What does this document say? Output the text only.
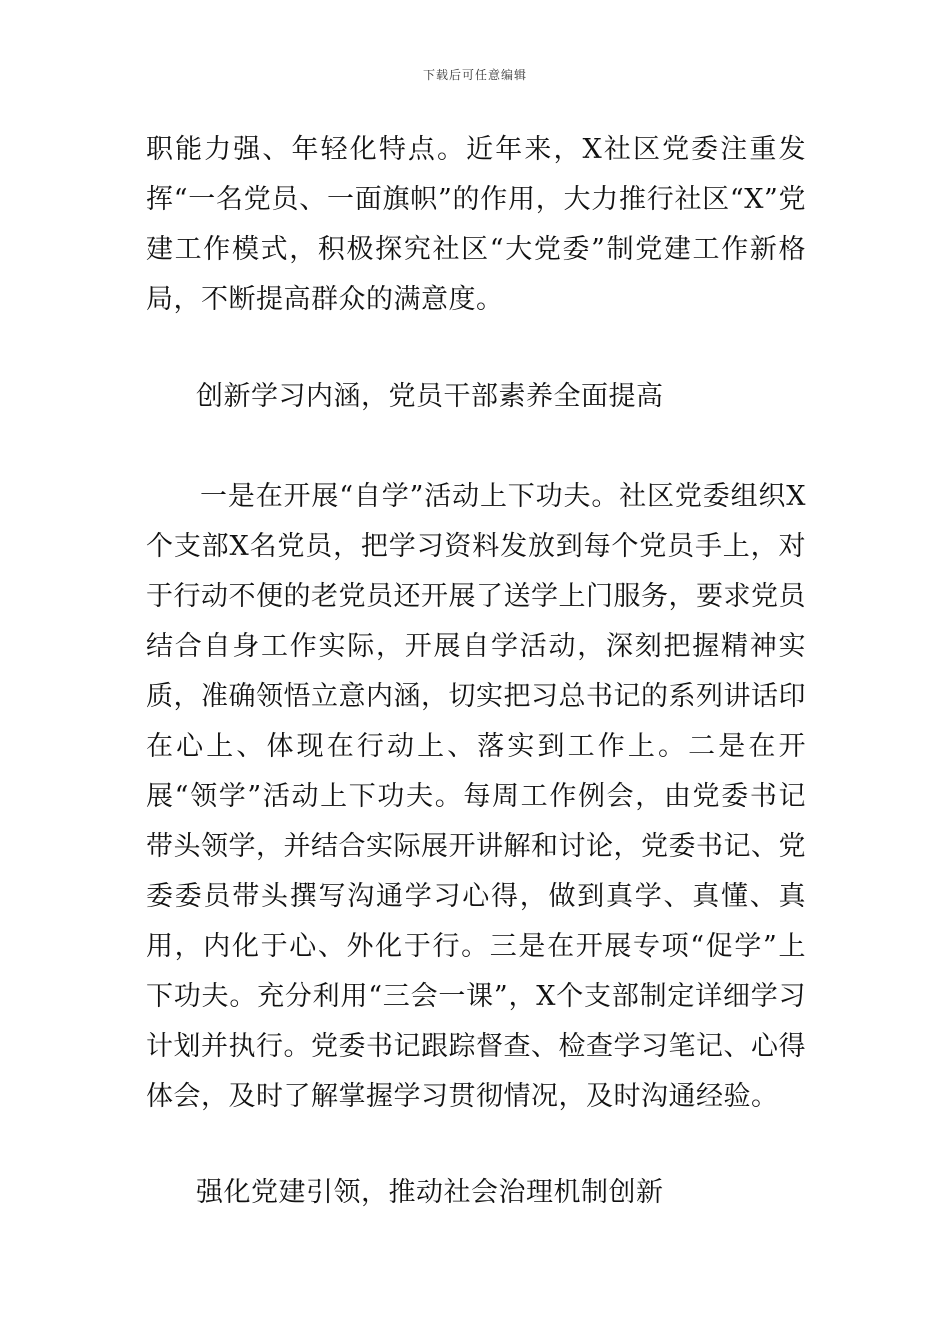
下载后可任意编辑
职能力强、年轻化特点。近年来，X社区党委注重发挥“一名党员、一面旗帜”的作用，大力推行社区“X”党建工作模式，积极探究社区“大党委”制党建工作新格局，不断提高群众的满意度。
创新学习内涵，党员干部素养全面提高
一是在开展“自学”活动上下功夫。社区党委组织X个支部X名党员，把学习资料发放到每个党员手上，对于行动不便的老党员还开展了送学上门服务，要求党员结合自身工作实际，开展自学活动，深刻把握精神实质，准确领悟立意内涵，切实把习总书记的系列讲话印在心上、体现在行动上、落实到工作上。二是在开展“领学”活动上下功夫。每周工作例会，由党委书记带头领学，并结合实际展开讲解和讨论，党委书记、党委委员带头撰写沟通学习心得，做到真学、真懂、真用，内化于心、外化于行。三是在开展专项“促学”上下功夫。充分利用“三会一课”，X个支部制定详细学习计划并执行。党委书记跟踪督查、检查学习笔记、心得体会，及时了解掌握学习贯彻情况，及时沟通经验。
强化党建引领，推动社会治理机制创新
